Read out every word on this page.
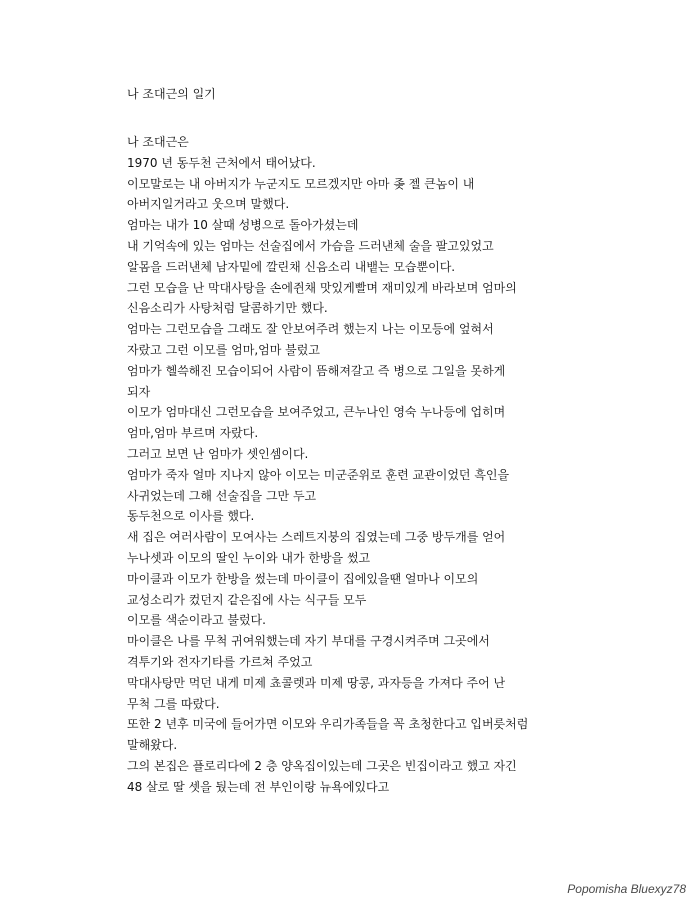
나 조대근의 일기
나 조대근은
1970 년 동두천 근처에서 태어났다.
이모말로는 내 아버지가 누군지도 모르겠지만 아마 좆 젤 큰놈이 내
아버지일거라고 웃으며 말했다.
엄마는 내가 10 살때 성병으로 돌아가셨는데
내 기억속에 있는 엄마는 선술집에서 가슴을 드러낸체 술을 팔고있었고
알몸을 드러낸체 남자밑에 깔린채 신음소리 내뱉는 모습뿐이다.
그런 모습을 난 막대사탕을 손에쥔채 맛있게빨며 재미있게 바라보며 엄마의
신음소리가 사탕처럼 달콤하기만 했다.
엄마는 그런모습을 그래도 잘 안보여주려 했는지 나는 이모등에 엎혀서
자랐고 그런 이모를 엄마,엄마 불렀고
엄마가 헬쓱해진 모습이되어 사람이 뜸해져갈고 즉 병으로 그일을 못하게
되자
이모가 엄마대신 그런모습을 보여주었고, 큰누나인 영숙 누나등에 업히며
엄마,엄마 부르며 자랐다.
그러고 보면 난 엄마가 셋인셈이다.
엄마가 죽자 얼마 지나지 않아 이모는 미군준위로 훈련 교관이었던 흑인을
사귀었는데 그해 선술집을 그만 두고
동두천으로 이사를 했다.
새 집은 여러사람이 모여사는 스레트지붕의 집였는데 그중 방두개를 얻어
누나셋과 이모의 딸인 누이와 내가 한방을 썼고
마이클과 이모가 한방을 썼는데 마이클이 집에있을땐 얼마나 이모의
교성소리가 컸던지 같은집에 사는 식구들 모두
이모를 색순이라고 불렀다.
마이클은 나를 무척 귀여워했는데 자기 부대를 구경시켜주며 그곳에서
격투기와 전자기타를 가르쳐 주었고
막대사탕만 먹던 내게 미제 쵸콜렛과 미제 땅콩, 과자등을 가져다 주어 난
무척 그를 따랐다.
또한 2 년후 미국에 들어가면 이모와 우리가족들을 꼭 초청한다고 입버릇처럼
말해왔다.
그의 본집은 플로리다에 2 층 양옥집이있는데 그곳은 빈집이라고 했고 자긴
48 살로 딸 셋을 뒀는데 전 부인이랑 뉴욕에있다고
Popomisha Bluexyz78
